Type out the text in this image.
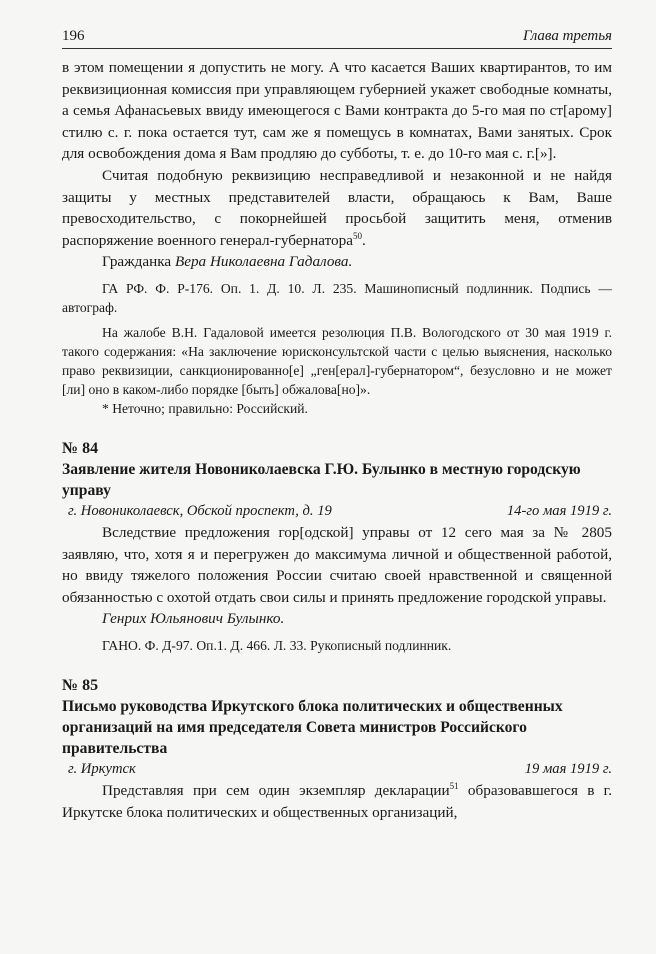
196	Глава третья

в этом помещении я допустить не могу. А что касается Ваших квартирантов, то им реквизиционная комиссия при управляющем губернией укажет свободные комнаты, а семья Афанасьевых ввиду имеющегося с Вами контракта до 5-го мая по ст[арому] стилю с. г. пока остается тут, сам же я помещусь в комнатах, Вами занятых. Срок для освобождения дома я Вам продляю до субботы, т. е. до 10-го мая с. г.[»].

Считая подобную реквизицию несправедливой и незаконной и не найдя защиты у местных представителей власти, обращаюсь к Вам, Ваше превосходительство, с покорнейшей просьбой защитить меня, отменив распоряжение военного генерал-губернатора$^{50}$.

Гражданка Вера Николаевна Гадалова.

ГА РФ. Ф. Р-176. Оп. 1. Д. 10. Л. 235. Машинописный подлинник. Подпись — автограф.

На жалобе В.Н. Гадаловой имеется резолюция П.В. Вологодского от 30 мая 1919 г. такого содержания: «На заключение юрисконсультской части с целью выяснения, насколько право реквизиции, санкционированно[е] „ген[ерал]-губернатором“, безусловно и не может [ли] оно в каком-либо порядке [быть] обжалова[но]».

* Неточно; правильно: Российский.

№ 84
Заявление жителя Новониколаевска Г.Ю. Булынко в местную городскую управу
г. Новониколаевск, Обской проспект, д. 19	14-го мая 1919 г.

Вследствие предложения гор[одской] управы от 12 сего мая за № 2805 заявляю, что, хотя я и перегружен до максимума личной и общественной работой, но ввиду тяжелого положения России считаю своей нравственной и священной обязанностью с охотой отдать свои силы и принять предложение городской управы.

Генрих Юльянович Булынко.

ГАНО. Ф. Д-97. Оп.1. Д. 466. Л. 33. Рукописный подлинник.

№ 85
Письмо руководства Иркутского блока политических и общественных организаций на имя председателя Совета министров Российского правительства
г. Иркутск	19 мая 1919 г.

Представляя при сем один экземпляр декларации$^{51}$ образовавшегося в г. Иркутске блока политических и общественных организаций,
